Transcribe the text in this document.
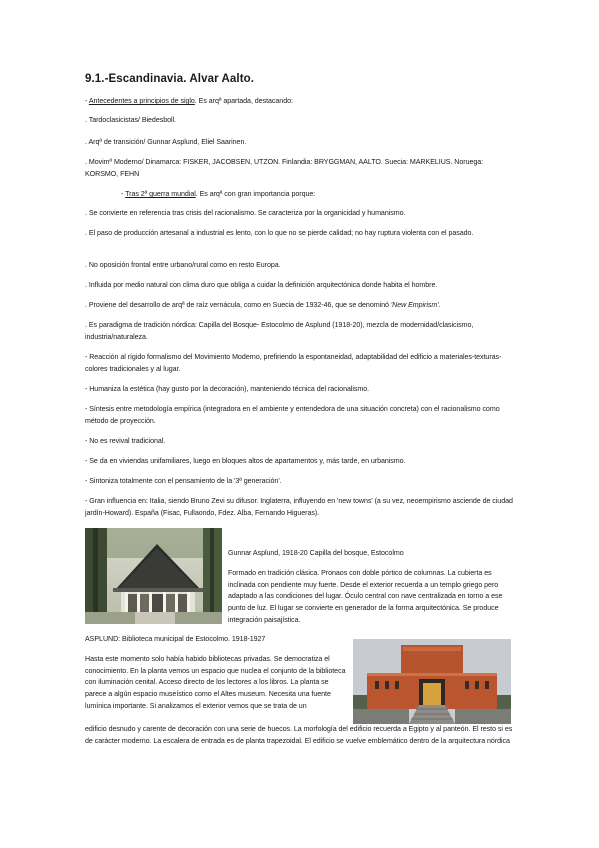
9.1.-Escandinavia. Alvar Aalto.
- Antecedentes a principios de siglo. Es arqª apartada, destacando:
. Tardoclasicistas/ Biedesboll.
. Arqª de transición/ Gunnar Asplund, Eliel Saarinen.
. Movimº Moderno/ Dinamarca: FISKER, JACOBSEN, UTZON. Finlandia: BRYGGMAN, AALTO. Suecia: MARKELIUS. Noruega: KORSMO, FEHN
- Tras 2ª guerra mundial. Es arqª con gran importancia porque:
. Se convierte en referencia tras crisis del racionalismo. Se caracteriza por la organicidad y humanismo.
. El paso de producción artesanal a industrial es lento, con lo que no se pierde calidad; no hay ruptura violenta con el pasado.
. No oposición frontal entre urbano/rural como en resto Europa.
. Influida por medio natural con clima duro que obliga a cuidar la definición arquitectónica donde habita el hombre.
. Proviene del desarrollo de arqª de raíz vernácula, como en Suecia de 1932-46, que se denominó 'New Empirism'.
. Es paradigma de tradición nórdica: Capilla del Bosque- Estocolmo de Asplund (1918-20), mezcla de modernidad/clasicismo, industria/naturaleza.
- Reacción al rígido formalismo del Movimiento Moderno, prefiriendo la espontaneidad, adaptabilidad del edificio a materiales-texturas-colores tradicionales y al lugar.
- Humaniza la estética (hay gusto por la decoración), manteniendo técnica del racionalismo.
- Síntesis entre metodología empírica (integradora en el ambiente y entendedora de una situación concreta) con el racionalismo como método de proyección.
- No es revival tradicional.
- Se da en viviendas unifamiliares, luego en bloques altos de apartamentos y, más tarde, en urbanismo.
- Sintoniza totalmente con el pensamiento de la '3ª generación'.
- Gran influencia en: Italia, siendo Bruno Zevi su difusor. Inglaterra, influyendo en 'new towns' (a su vez, neoempirismo asciende de ciudad jardín-Howard). España (Fisac, Fullaondo, Fdez. Alba, Fernando Higueras).
Gunnar Asplund, 1918-20 Capilla del bosque, Estocolmo
Formado en tradición clásica. Pronaos con doble pórtico de columnas. La cubierta es inclinada con pendiente muy fuerte. Desde el exterior recuerda a un templo griego pero adaptado a las condiciones del lugar. Óculo central con nave centralizada en torno a ese punto de luz. El lugar se convierte en generador de la forma arquitectónica. Se produce integración paisajística.
ASPLUND: Biblioteca municipal de Estocolmo. 1918-1927
Hasta este momento solo había habido bibliotecas privadas. Se democratiza el conocimiento. En la planta vemos un espacio que nuclea el conjunto de la biblioteca con iluminación cenital. Acceso directo de los lectores a los libros. La planta se parece a algún espacio museístico como el Altes museum. Necesita una fuente lumínica importante. Si analizamos el exterior vemos que se trata de un
edificio desnudo y carente de decoración con una serie de huecos. La morfología del edificio recuerda a Egipto y al panteón. El resto si es de carácter moderno. La escalera de entrada es de planta trapezoidal. El edificio se vuelve emblemático dentro de la arquitectura nórdica
